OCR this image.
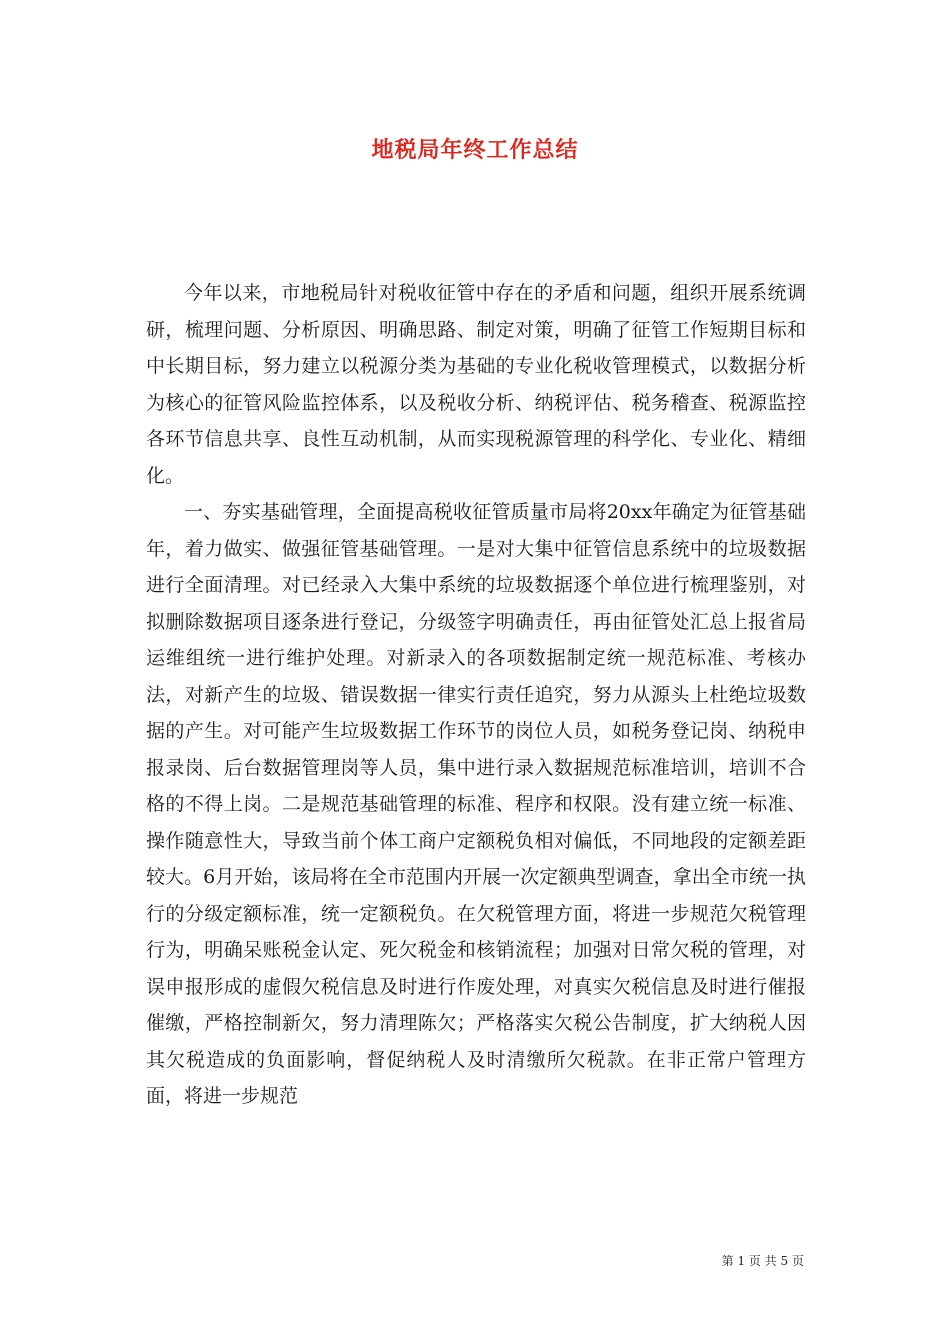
地税局年终工作总结

今年以来，市地税局针对税收征管中存在的矛盾和问题，组织开展系统调研，梳理问题、分析原因、明确思路、制定对策，明确了征管工作短期目标和中长期目标，努力建立以税源分类为基础的专业化税收管理模式，以数据分析为核心的征管风险监控体系，以及税收分析、纳税评估、税务稽查、税源监控各环节信息共享、良性互动机制，从而实现税源管理的科学化、专业化、精细化。

一、夯实基础管理，全面提高税收征管质量市局将20xx年确定为征管基础年，着力做实、做强征管基础管理。一是对大集中征管信息系统中的垃圾数据进行全面清理。对已经录入大集中系统的垃圾数据逐个单位进行梳理鉴别，对拟删除数据项目逐条进行登记，分级签字明确责任，再由征管处汇总上报省局运维组统一进行维护处理。对新录入的各项数据制定统一规范标准、考核办法，对新产生的垃圾、错误数据一律实行责任追究，努力从源头上杜绝垃圾数据的产生。对可能产生垃圾数据工作环节的岗位人员，如税务登记岗、纳税申报录岗、后台数据管理岗等人员，集中进行录入数据规范标准培训，培训不合格的不得上岗。二是规范基础管理的标准、程序和权限。没有建立统一标准、操作随意性大，导致当前个体工商户定额税负相对偏低，不同地段的定额差距较大。6月开始，该局将在全市范围内开展一次定额典型调查，拿出全市统一执行的分级定额标准，统一定额税负。在欠税管理方面，将进一步规范欠税管理行为，明确呆账税金认定、死欠税金和核销流程；加强对日常欠税的管理，对误申报形成的虚假欠税信息及时进行作废处理，对真实欠税信息及时进行催报催缴，严格控制新欠，努力清理陈欠；严格落实欠税公告制度，扩大纳税人因其欠税造成的负面影响，督促纳税人及时清缴所欠税款。在非正常户管理方面，将进一步规范

第 1 页 共 5 页
